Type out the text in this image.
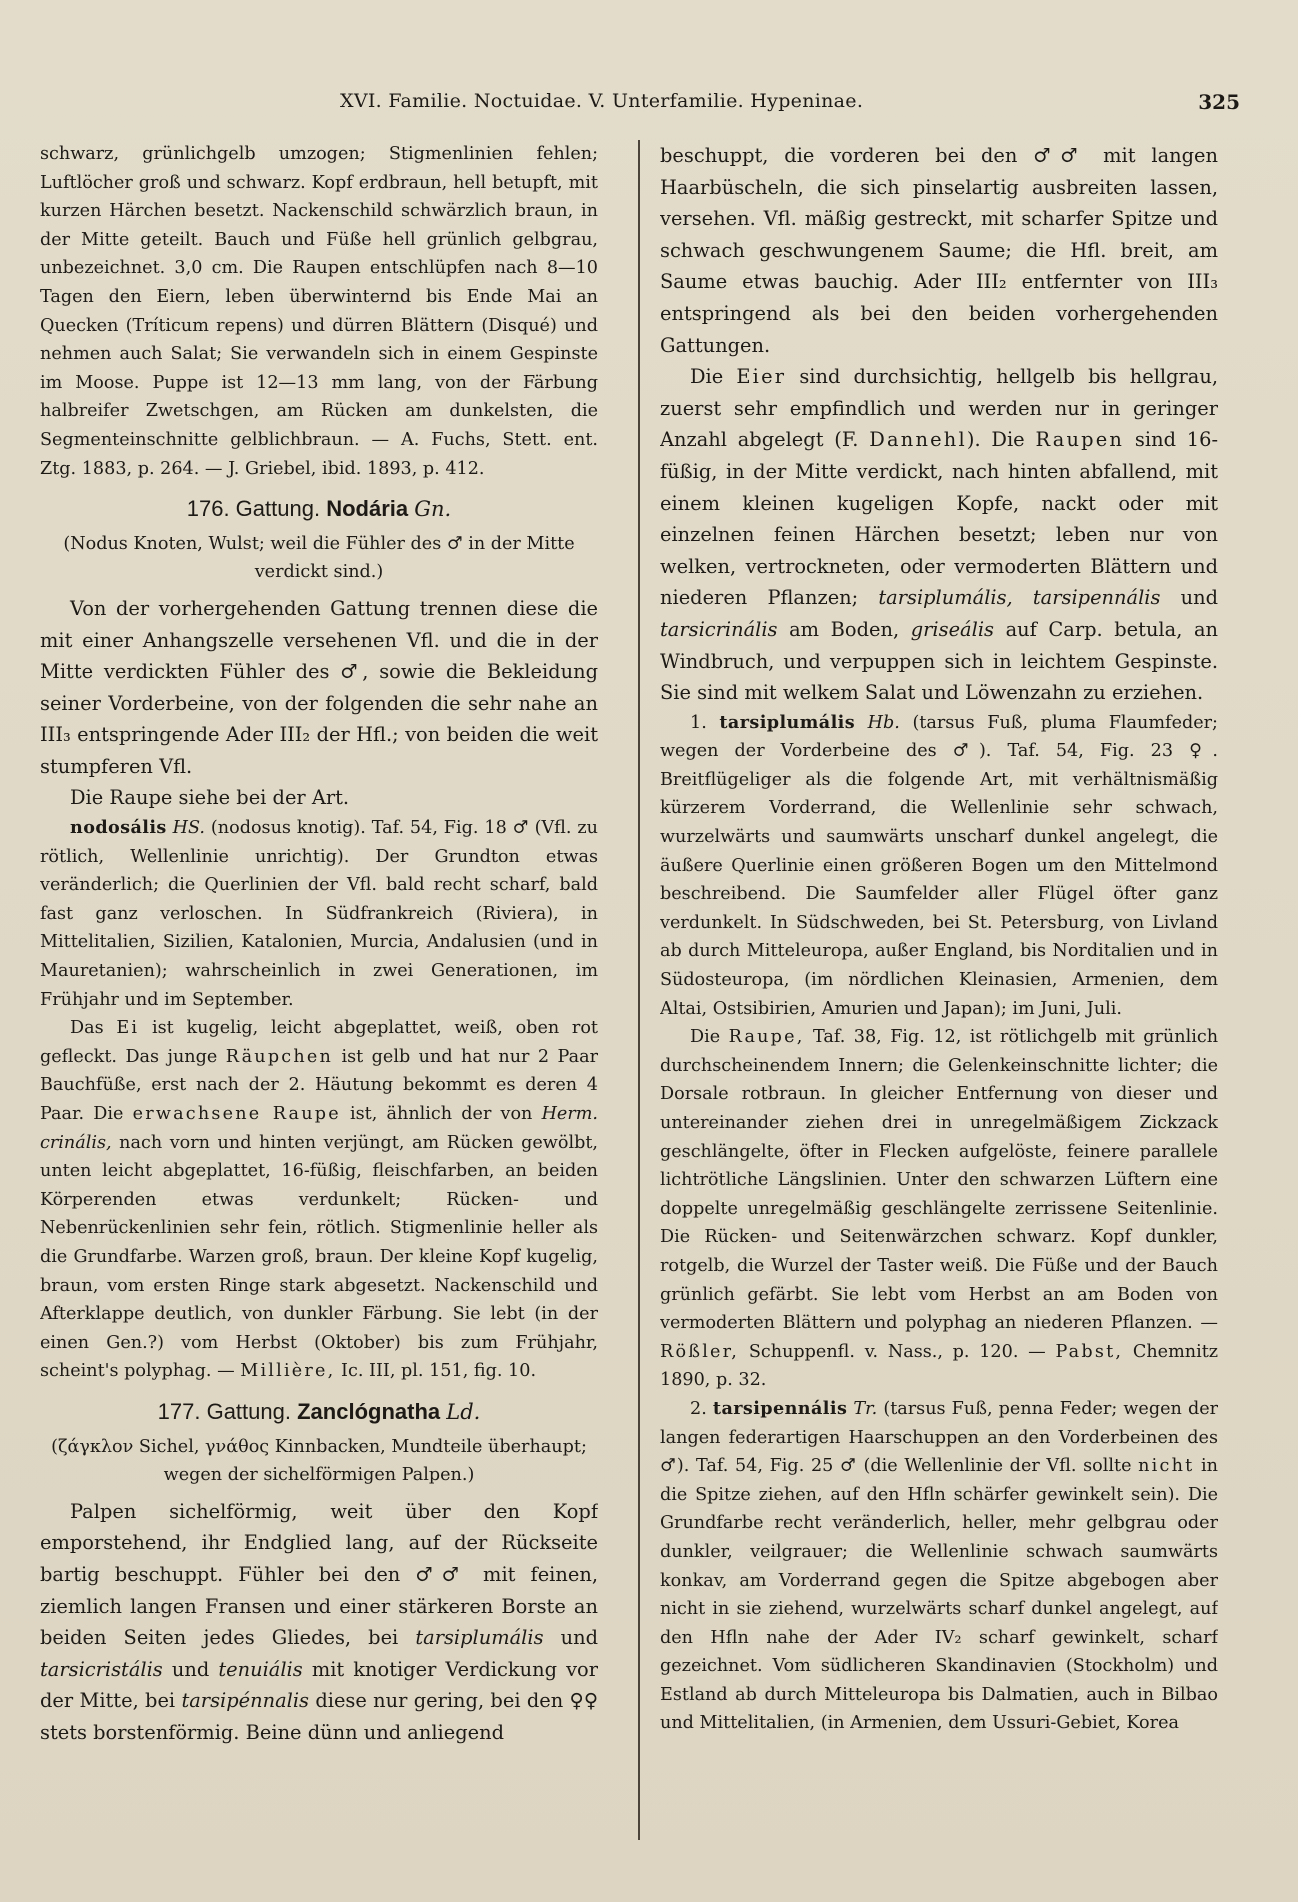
XVI. Familie. Noctuidae. V. Unterfamilie. Hypeninae.	325

schwarz, grünlichgelb umzogen; Stigmenlinien fehlen; Luftlöcher groß und schwarz. Kopf erdbraun, hell betupft, mit kurzen Härchen besetzt. Nackenschild schwärzlich braun, in der Mitte geteilt. Bauch und Füße hell grünlich gelbgrau, unbezeichnet. 3,0 cm. Die Raupen entschlüpfen nach 8—10 Tagen den Eiern, leben überwinternd bis Ende Mai an Quecken (Tríticum repens) und dürren Blättern (Disqué) und nehmen auch Salat; Sie verwandeln sich in einem Gespinste im Moose. Puppe ist 12—13 mm lang, von der Färbung halbreifer Zwetschgen, am Rücken am dunkelsten, die Segmenteinschnitte gelblichbraun. — A. Fuchs, Stett. ent. Ztg. 1883, p. 264. — J. Griebel, ibid. 1893, p. 412.

176. Gattung. Nodária Gn.

(Nodus Knoten, Wulst; weil die Fühler des ♂ in der Mitte verdickt sind.)

Von der vorhergehenden Gattung trennen diese die mit einer Anhangszelle versehenen Vfl. und die in der Mitte verdickten Fühler des ♂, sowie die Bekleidung seiner Vorderbeine, von der folgenden die sehr nahe an III₃ entspringende Ader III₂ der Hfl.; von beiden die weit stumpferen Vfl.

Die Raupe siehe bei der Art.

nodosális HS. (nodosus knotig). Taf. 54, Fig. 18 ♂ (Vfl. zu rötlich, Wellenlinie unrichtig). Der Grundton etwas veränderlich; die Querlinien der Vfl. bald recht scharf, bald fast ganz verloschen. In Südfrankreich (Riviera), in Mittelitalien, Sizilien, Katalonien, Murcia, Andalusien (und in Mauretanien); wahrscheinlich in zwei Generationen, im Frühjahr und im September.

Das Ei ist kugelig, leicht abgeplattet, weiß, oben rot gefleckt. Das junge Räupchen ist gelb und hat nur 2 Paar Bauchfüße, erst nach der 2. Häutung bekommt es deren 4 Paar. Die erwachsene Raupe ist, ähnlich der von Herm. crinális, nach vorn und hinten verjüngt, am Rücken gewölbt, unten leicht abgeplattet, 16-füßig, fleischfarben, an beiden Körperenden etwas verdunkelt; Rücken- und Nebenrückenlinien sehr fein, rötlich. Stigmenlinie heller als die Grundfarbe. Warzen groß, braun. Der kleine Kopf kugelig, braun, vom ersten Ringe stark abgesetzt. Nackenschild und Afterklappe deutlich, von dunkler Färbung. Sie lebt (in der einen Gen.?) vom Herbst (Oktober) bis zum Frühjahr, scheint's polyphag. — Millière, Ic. III, pl. 151, fig. 10.

177. Gattung. Zanclógnatha Ld.

(ζάγκλον Sichel, γνάθος Kinnbacken, Mundteile überhaupt; wegen der sichelförmigen Palpen.)

Palpen sichelförmig, weit über den Kopf emporstehend, ihr Endglied lang, auf der Rückseite bartig beschuppt. Fühler bei den ♂♂ mit feinen, ziemlich langen Fransen und einer stärkeren Borste an beiden Seiten jedes Gliedes, bei tarsiplumális und tarsicristális und tenuiális mit knotiger Verdickung vor der Mitte, bei tarsipénnalis diese nur gering, bei den ♀♀ stets borstenförmig. Beine dünn und anliegend

beschuppt, die vorderen bei den ♂♂ mit langen Haarbüscheln, die sich pinselartig ausbreiten lassen, versehen. Vfl. mäßig gestreckt, mit scharfer Spitze und schwach geschwungenem Saume; die Hfl. breit, am Saume etwas bauchig. Ader III₂ entfernter von III₃ entspringend als bei den beiden vorhergehenden Gattungen.

Die Eier sind durchsichtig, hellgelb bis hellgrau, zuerst sehr empfindlich und werden nur in geringer Anzahl abgelegt (F. Dannehl). Die Raupen sind 16-füßig, in der Mitte verdickt, nach hinten abfallend, mit einem kleinen kugeligen Kopfe, nackt oder mit einzelnen feinen Härchen besetzt; leben nur von welken, vertrockneten, oder vermoderten Blättern und niederen Pflanzen; tarsiplumális, tarsipennális und tarsicrinális am Boden, griseális auf Carp. betula, an Windbruch, und verpuppen sich in leichtem Gespinste. Sie sind mit welkem Salat und Löwenzahn zu erziehen.

1. tarsiplumális Hb. (tarsus Fuß, pluma Flaumfeder; wegen der Vorderbeine des ♂). Taf. 54, Fig. 23 ♀. Breitflügeliger als die folgende Art, mit verhältnismäßig kürzerem Vorderrand, die Wellenlinie sehr schwach, wurzelwärts und saumwärts unscharf dunkel angelegt, die äußere Querlinie einen größeren Bogen um den Mittelmond beschreibend. Die Saumfelder aller Flügel öfter ganz verdunkelt. In Südschweden, bei St. Petersburg, von Livland ab durch Mitteleuropa, außer England, bis Norditalien und in Südosteuropa, (im nördlichen Kleinasien, Armenien, dem Altai, Ostsibirien, Amurien und Japan); im Juni, Juli.

Die Raupe, Taf. 38, Fig. 12, ist rötlichgelb mit grünlich durchscheinendem Innern; die Gelenkeinschnitte lichter; die Dorsale rotbraun. In gleicher Entfernung von dieser und untereinander ziehen drei in unregelmäßigem Zickzack geschlängelte, öfter in Flecken aufgelöste, feinere parallele lichtrötliche Längslinien. Unter den schwarzen Lüftern eine doppelte unregelmäßig geschlängelte zerrissene Seitenlinie. Die Rücken- und Seitenwärzchen schwarz. Kopf dunkler, rotgelb, die Wurzel der Taster weiß. Die Füße und der Bauch grünlich gefärbt. Sie lebt vom Herbst an am Boden von vermoderten Blättern und polyphag an niederen Pflanzen. — Rößler, Schuppenfl. v. Nass., p. 120. — Pabst, Chemnitz 1890, p. 32.

2. tarsipennális Tr. (tarsus Fuß, penna Feder; wegen der langen federartigen Haarschuppen an den Vorderbeinen des ♂). Taf. 54, Fig. 25 ♂ (die Wellenlinie der Vfl. sollte nicht in die Spitze ziehen, auf den Hfln schärfer gewinkelt sein). Die Grundfarbe recht veränderlich, heller, mehr gelbgrau oder dunkler, veilgrauer; die Wellenlinie schwach saumwärts konkav, am Vorderrand gegen die Spitze abgebogen aber nicht in sie ziehend, wurzelwärts scharf dunkel angelegt, auf den Hfln nahe der Ader IV₂ scharf gewinkelt, scharf gezeichnet. Vom südlicheren Skandinavien (Stockholm) und Estland ab durch Mitteleuropa bis Dalmatien, auch in Bilbao und Mittelitalien, (in Armenien, dem Ussuri-Gebiet, Korea
